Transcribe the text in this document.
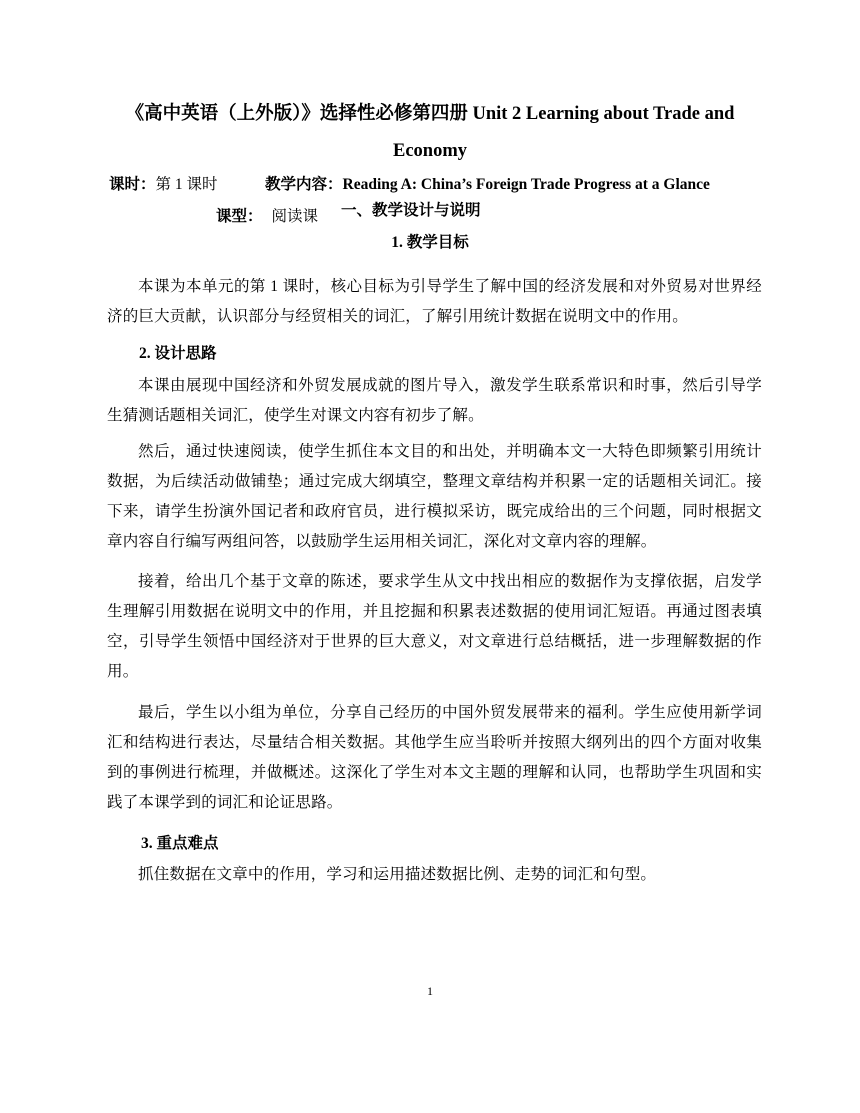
《高中英语（上外版）》选择性必修第四册 Unit 2 Learning about Trade and
Economy
课时：第 1 课时	教学内容：Reading A: China’s Foreign Trade Progress at a Glance
课型： 阅读课 一、教学设计与说明
1. 教学目标
本课为本单元的第 1 课时，核心目标为引导学生了解中国的经济发展和对外贸易对世界经济的巨大贡献，认识部分与经贸相关的词汇，了解引用统计数据在说明文中的作用。
2. 设计思路
本课由展现中国经济和外贸发展成就的图片导入，激发学生联系常识和时事，然后引导学生猜测话题相关词汇，使学生对课文内容有初步了解。
然后，通过快速阅读，使学生抓住本文目的和出处，并明确本文一大特色即频繁引用统计数据，为后续活动做铺垫；通过完成大纲填空，整理文章结构并积累一定的话题相关词汇。接下来，请学生扮演外国记者和政府官员，进行模拟采访，既完成给出的三个问题，同时根据文章内容自行编写两组问答，以鼓励学生运用相关词汇，深化对文章内容的理解。
接着，给出几个基于文章的陈述，要求学生从文中找出相应的数据作为支撑依据，启发学生理解引用数据在说明文中的作用，并且挖掘和积累表述数据的使用词汇短语。再通过图表填空，引导学生领悟中国经济对于世界的巨大意义，对文章进行总结概括，进一步理解数据的作用。
最后，学生以小组为单位，分享自己经历的中国外贸发展带来的福利。学生应使用新学词汇和结构进行表达，尽量结合相关数据。其他学生应当聆听并按照大纲列出的四个方面对收集到的事例进行梳理，并做概述。这深化了学生对本文主题的理解和认同，也帮助学生巩固和实践了本课学到的词汇和论证思路。
3. 重点难点
抓住数据在文章中的作用，学习和运用描述数据比例、走势的词汇和句型。
1
